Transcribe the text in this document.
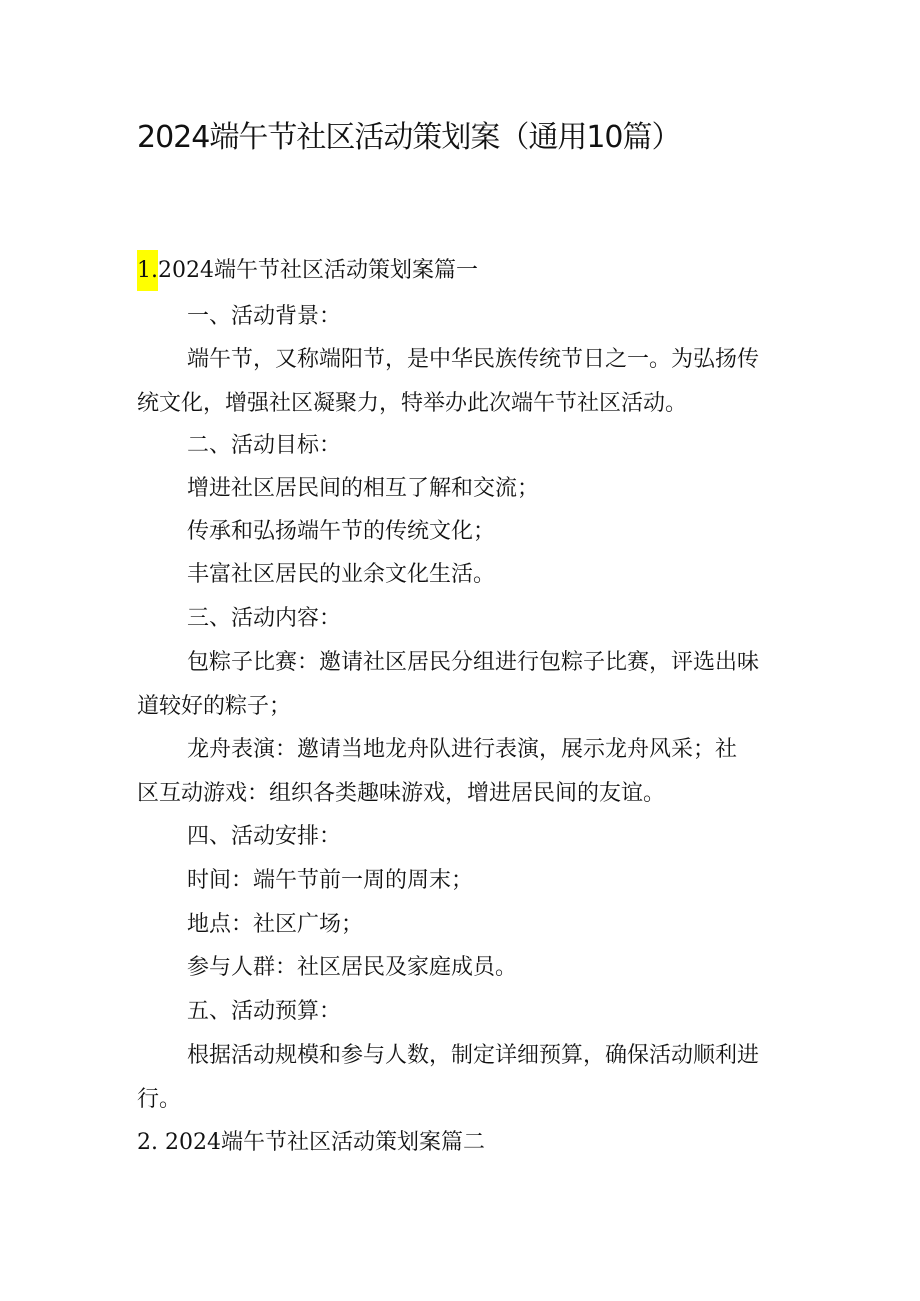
2024端午节社区活动策划案（通用10篇）
1.2024端午节社区活动策划案篇一
一、活动背景：
端午节，又称端阳节，是中华民族传统节日之一。为弘扬传
统文化，增强社区凝聚力，特举办此次端午节社区活动。
二、活动目标：
增进社区居民间的相互了解和交流；
传承和弘扬端午节的传统文化；
丰富社区居民的业余文化生活。
三、活动内容：
包粽子比赛：邀请社区居民分组进行包粽子比赛，评选出味
道较好的粽子；
龙舟表演：邀请当地龙舟队进行表演，展示龙舟风采；社
区互动游戏：组织各类趣味游戏，增进居民间的友谊。
四、活动安排：
时间：端午节前一周的周末；
地点：社区广场；
参与人群：社区居民及家庭成员。
五、活动预算：
根据活动规模和参与人数，制定详细预算，确保活动顺利进
行。
2. 2024端午节社区活动策划案篇二
